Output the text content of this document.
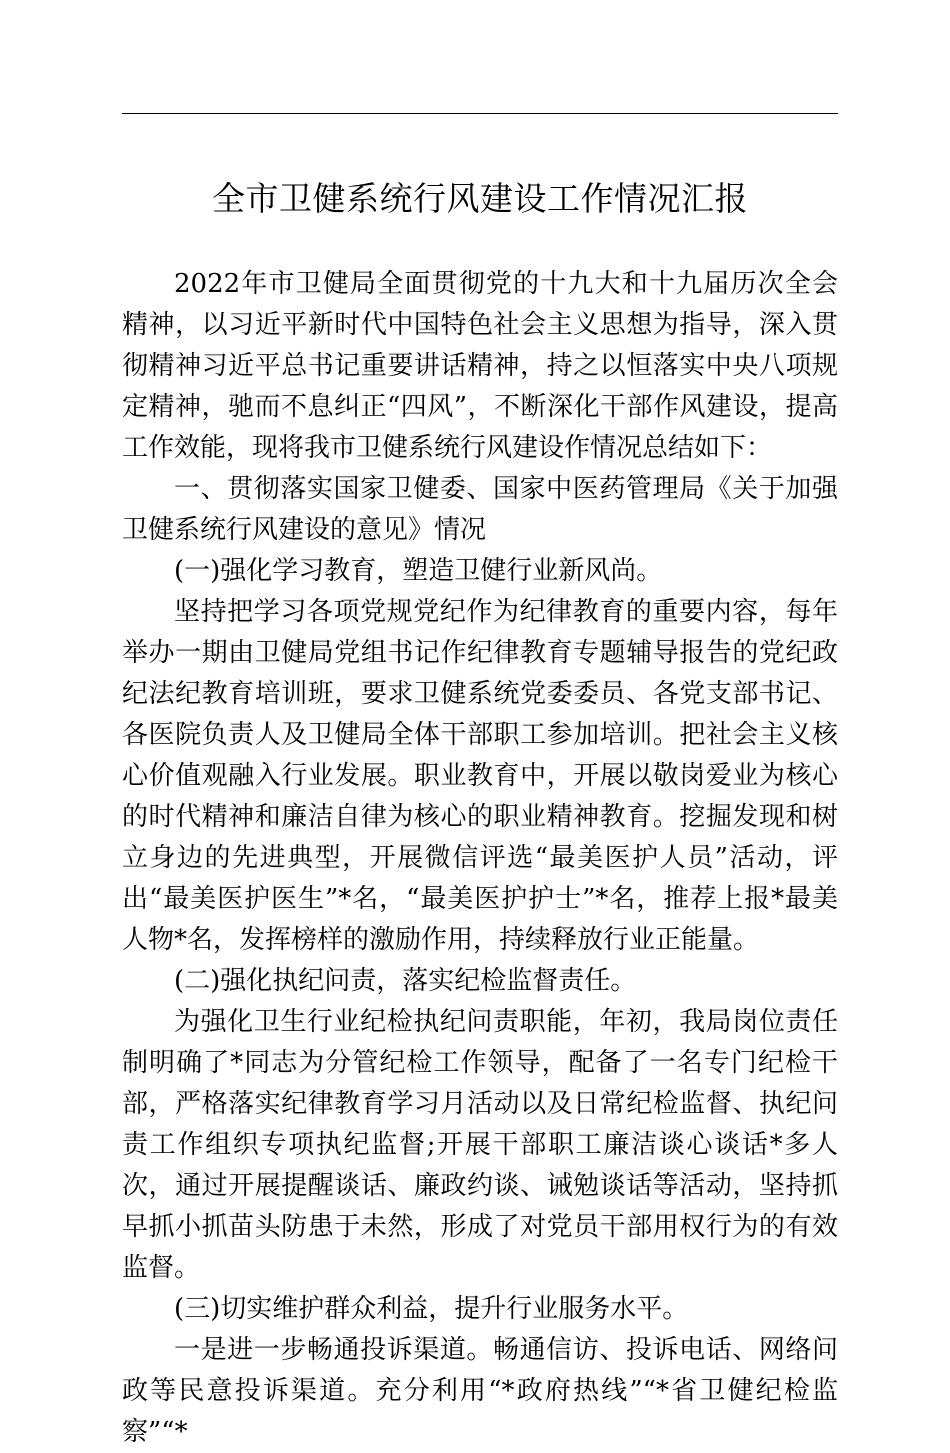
全市卫健系统行风建设工作情况汇报

2022年市卫健局全面贯彻党的十九大和十九届历次全会精神，以习近平新时代中国特色社会主义思想为指导，深入贯彻精神习近平总书记重要讲话精神，持之以恒落实中央八项规定精神，驰而不息纠正“四风”，不断深化干部作风建设，提高工作效能，现将我市卫健系统行风建设作情况总结如下：

一、贯彻落实国家卫健委、国家中医药管理局《关于加强卫健系统行风建设的意见》情况

(一)强化学习教育，塑造卫健行业新风尚。

坚持把学习各项党规党纪作为纪律教育的重要内容，每年举办一期由卫健局党组书记作纪律教育专题辅导报告的党纪政纪法纪教育培训班，要求卫健系统党委委员、各党支部书记、各医院负责人及卫健局全体干部职工参加培训。把社会主义核心价值观融入行业发展。职业教育中，开展以敬岗爱业为核心的时代精神和廉洁自律为核心的职业精神教育。挖掘发现和树立身边的先进典型，开展微信评选“最美医护人员”活动，评出“最美医护医生”*名，“最美医护护士”*名，推荐上报*最美人物*名，发挥榜样的激励作用，持续释放行业正能量。

(二)强化执纪问责，落实纪检监督责任。

为强化卫生行业纪检执纪问责职能，年初，我局岗位责任制明确了*同志为分管纪检工作领导，配备了一名专门纪检干部，严格落实纪律教育学习月活动以及日常纪检监督、执纪问责工作组织专项执纪监督;开展干部职工廉洁谈心谈话*多人次，通过开展提醒谈话、廉政约谈、诫勉谈话等活动，坚持抓早抓小抓苗头防患于未然，形成了对党员干部用权行为的有效监督。

(三)切实维护群众利益，提升行业服务水平。

一是进一步畅通投诉渠道。畅通信访、投诉电话、网络问政等民意投诉渠道。充分利用“*政府热线”“*省卫健纪检监察”“*
